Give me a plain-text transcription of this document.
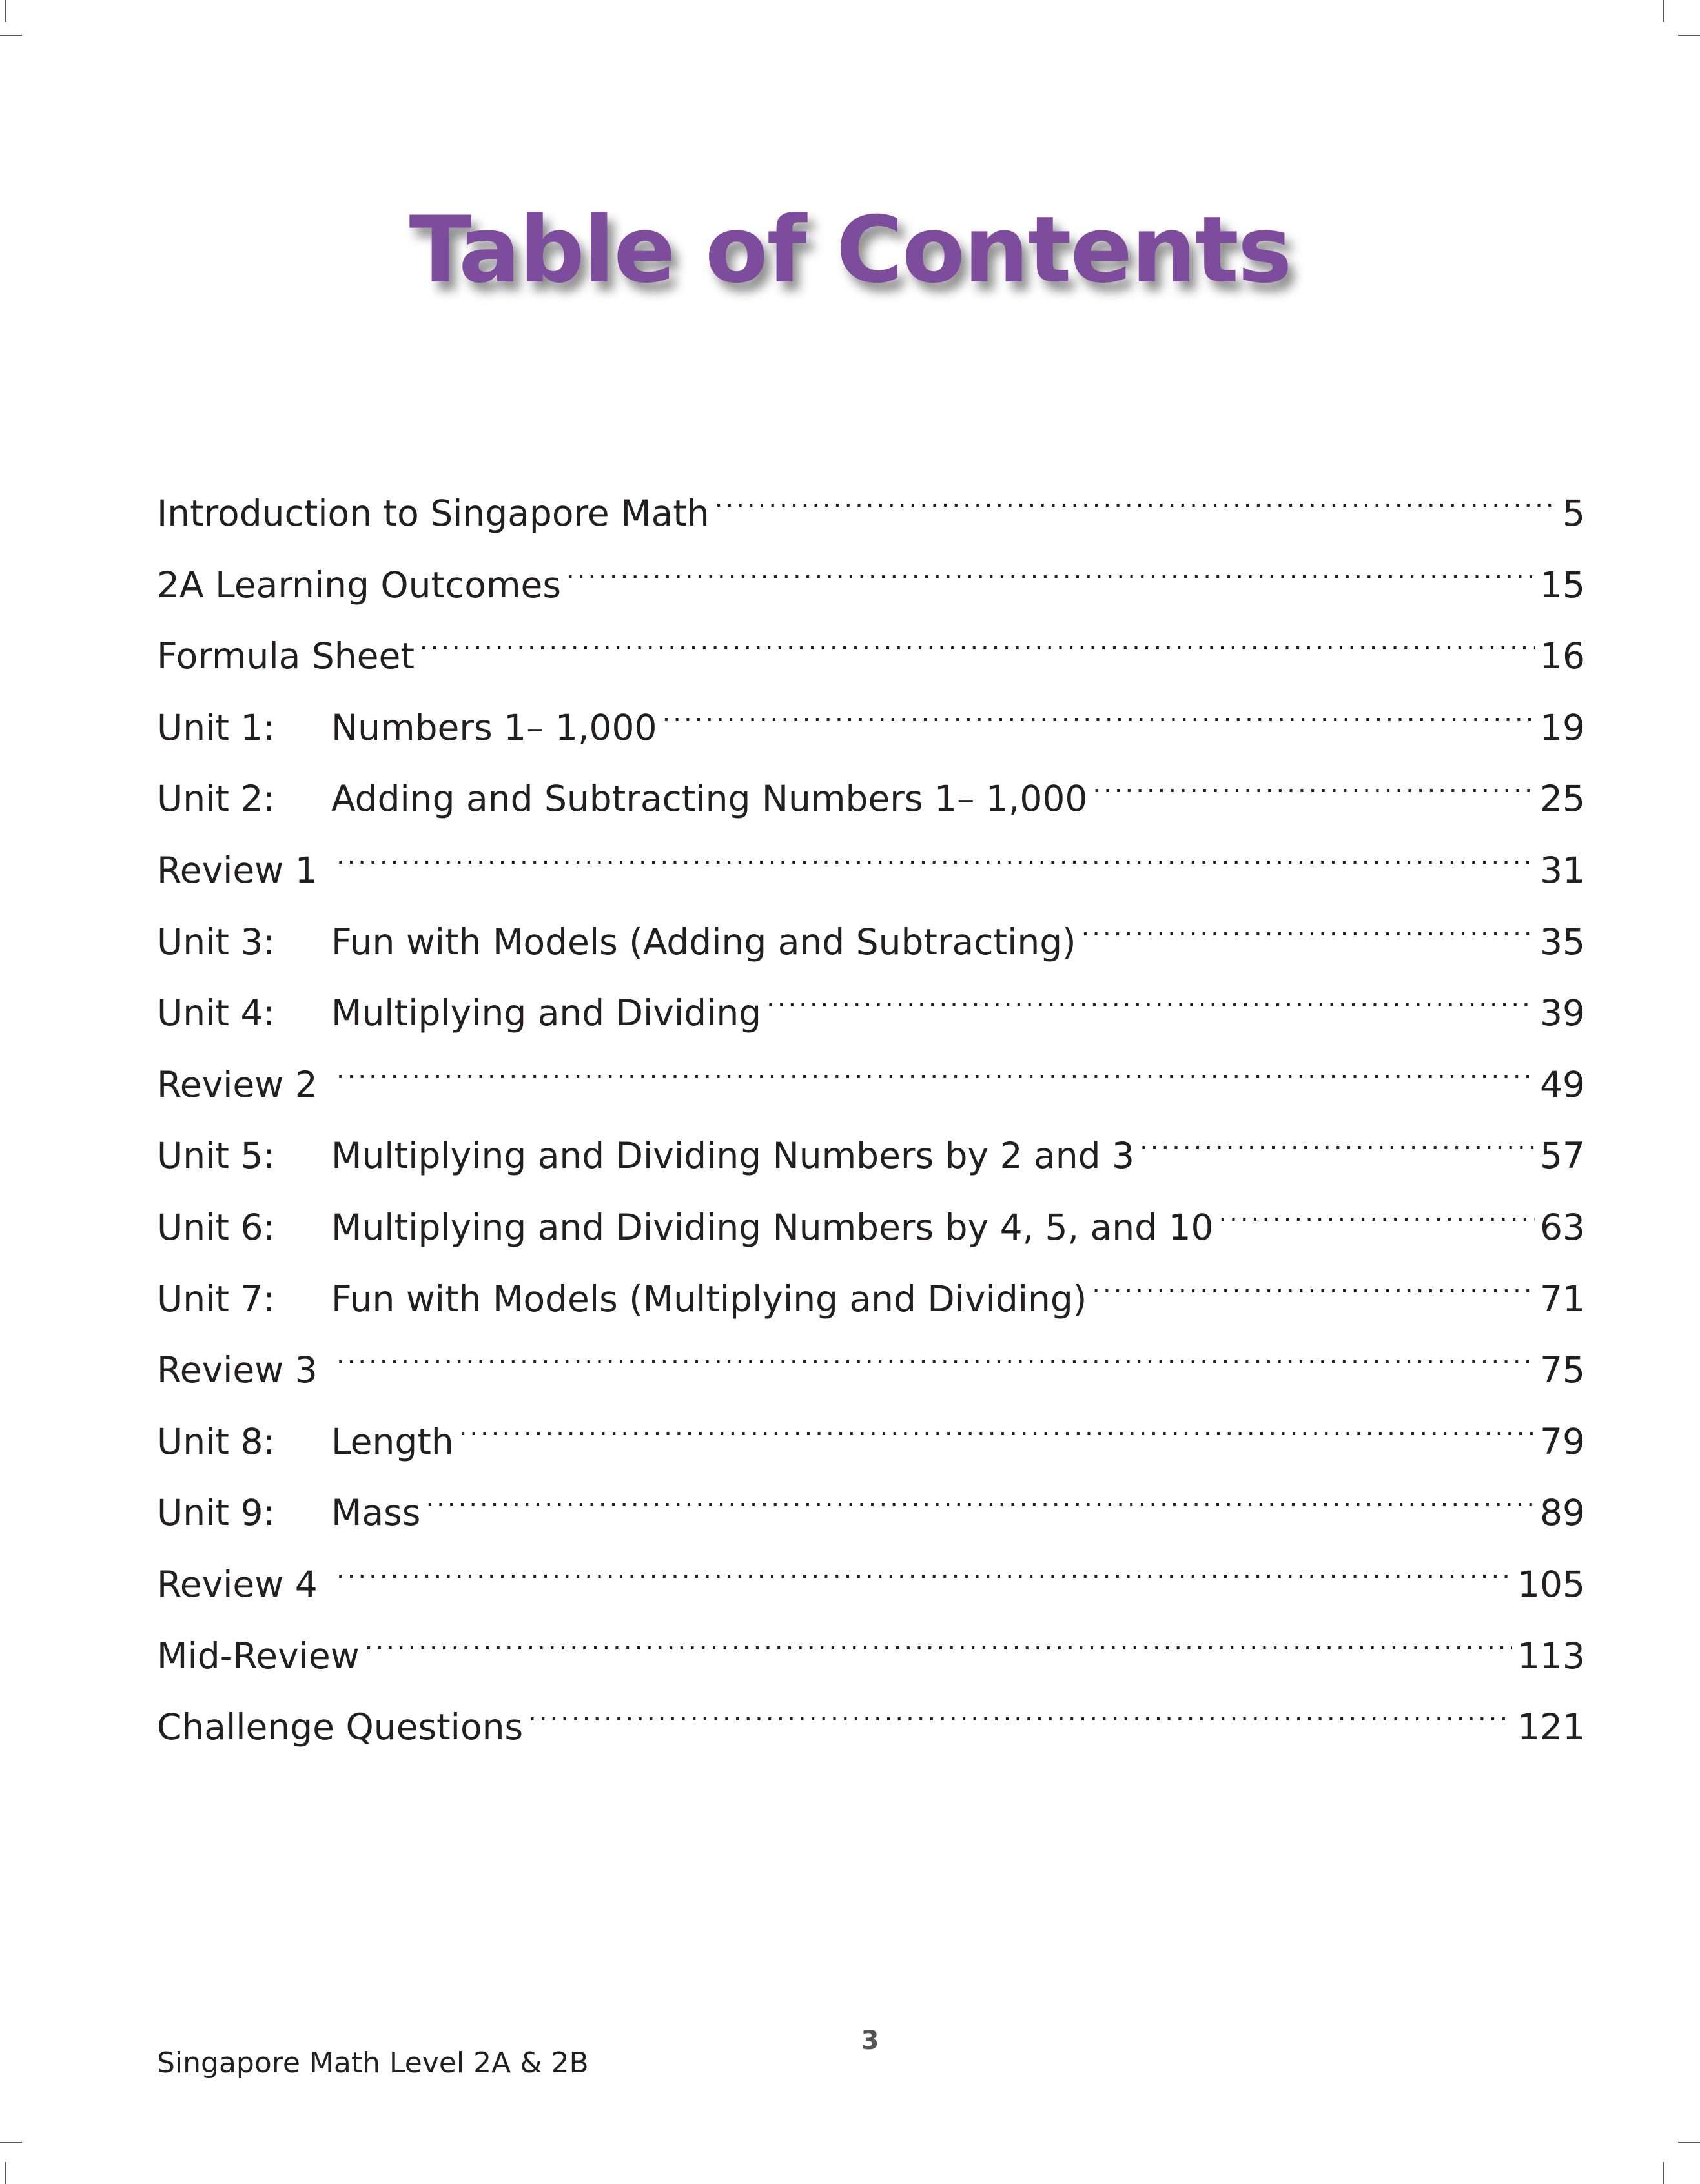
Table of Contents
Introduction to Singapore Math .....	5
2A Learning Outcomes .....	15
Formula Sheet .....	16
Unit 1:	Numbers 1– 1,000 .....	19
Unit 2:	Adding and Subtracting Numbers 1– 1,000 .....	25
Review 1 .....	31
Unit 3:	Fun with Models (Adding and Subtracting) .....	35
Unit 4:	Multiplying and Dividing .....	39
Review 2 .....	49
Unit 5:	Multiplying and Dividing Numbers by 2 and 3 .....	57
Unit 6:	Multiplying and Dividing Numbers by 4, 5, and 10 .....	63
Unit 7:	Fun with Models (Multiplying and Dividing) .....	71
Review 3 .....	75
Unit 8:	Length .....	79
Unit 9:	Mass .....	89
Review 4 .....	105
Mid-Review .....	113
Challenge Questions .....	121
3
Singapore Math Level 2A & 2B
